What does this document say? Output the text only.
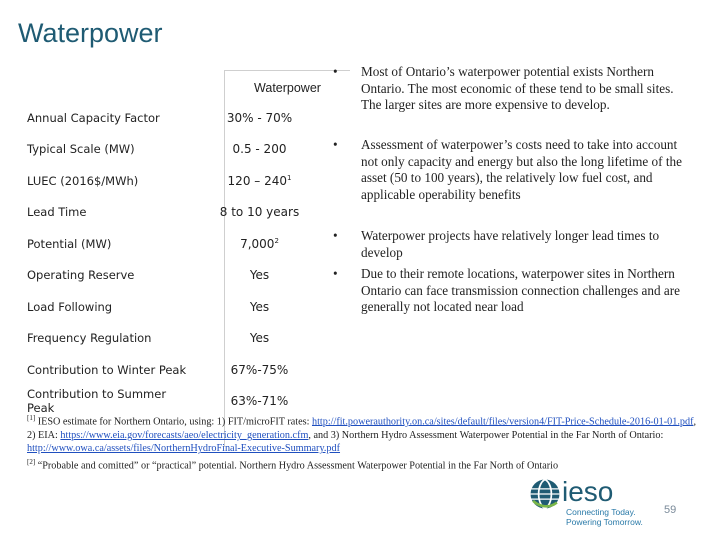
Waterpower
Waterpower
Annual Capacity Factor	30% - 70%
Typical Scale (MW)	0.5 - 200
LUEC (2016$/MWh)	$120 - 240^1$
Lead Time	8 to 10 years
Potential (MW)	7,000$^2$
Operating Reserve	Yes
Load Following	Yes
Frequency Regulation	Yes
Contribution to Winter Peak	67%-75%
Contribution to Summer Peak	63%-71%
•	Most of Ontario’s waterpower potential exists Northern Ontario. The most economic of these tend to be small sites. The larger sites are more expensive to develop.
•	Assessment of waterpower’s costs need to take into account not only capacity and energy but also the long lifetime of the asset (50 to 100 years), the relatively low fuel cost, and applicable operability benefits
•	Waterpower projects have relatively longer lead times to develop
•	Due to their remote locations, waterpower sites in Northern Ontario can face transmission connection challenges and are generally not located near load
[1] IESO estimate for Northern Ontario, using: 1) FIT/microFIT rates: http://fit.powerauthority.on.ca/sites/default/files/version4/FIT-Price-Schedule-2016-01-01.pdf, 2) EIA: https://www.eia.gov/forecasts/aeo/electricity_generation.cfm, and 3) Northern Hydro Assessment Waterpower Potential in the Far North of Ontario: http://www.owa.ca/assets/files/NorthernHydroFinal-Executive-Summary.pdf
[2] “Probable and comitted” or “practical” potential. Northern Hydro Assessment Waterpower Potential in the Far North of Ontario
ieso
Connecting Today.
Powering Tomorrow.
59
